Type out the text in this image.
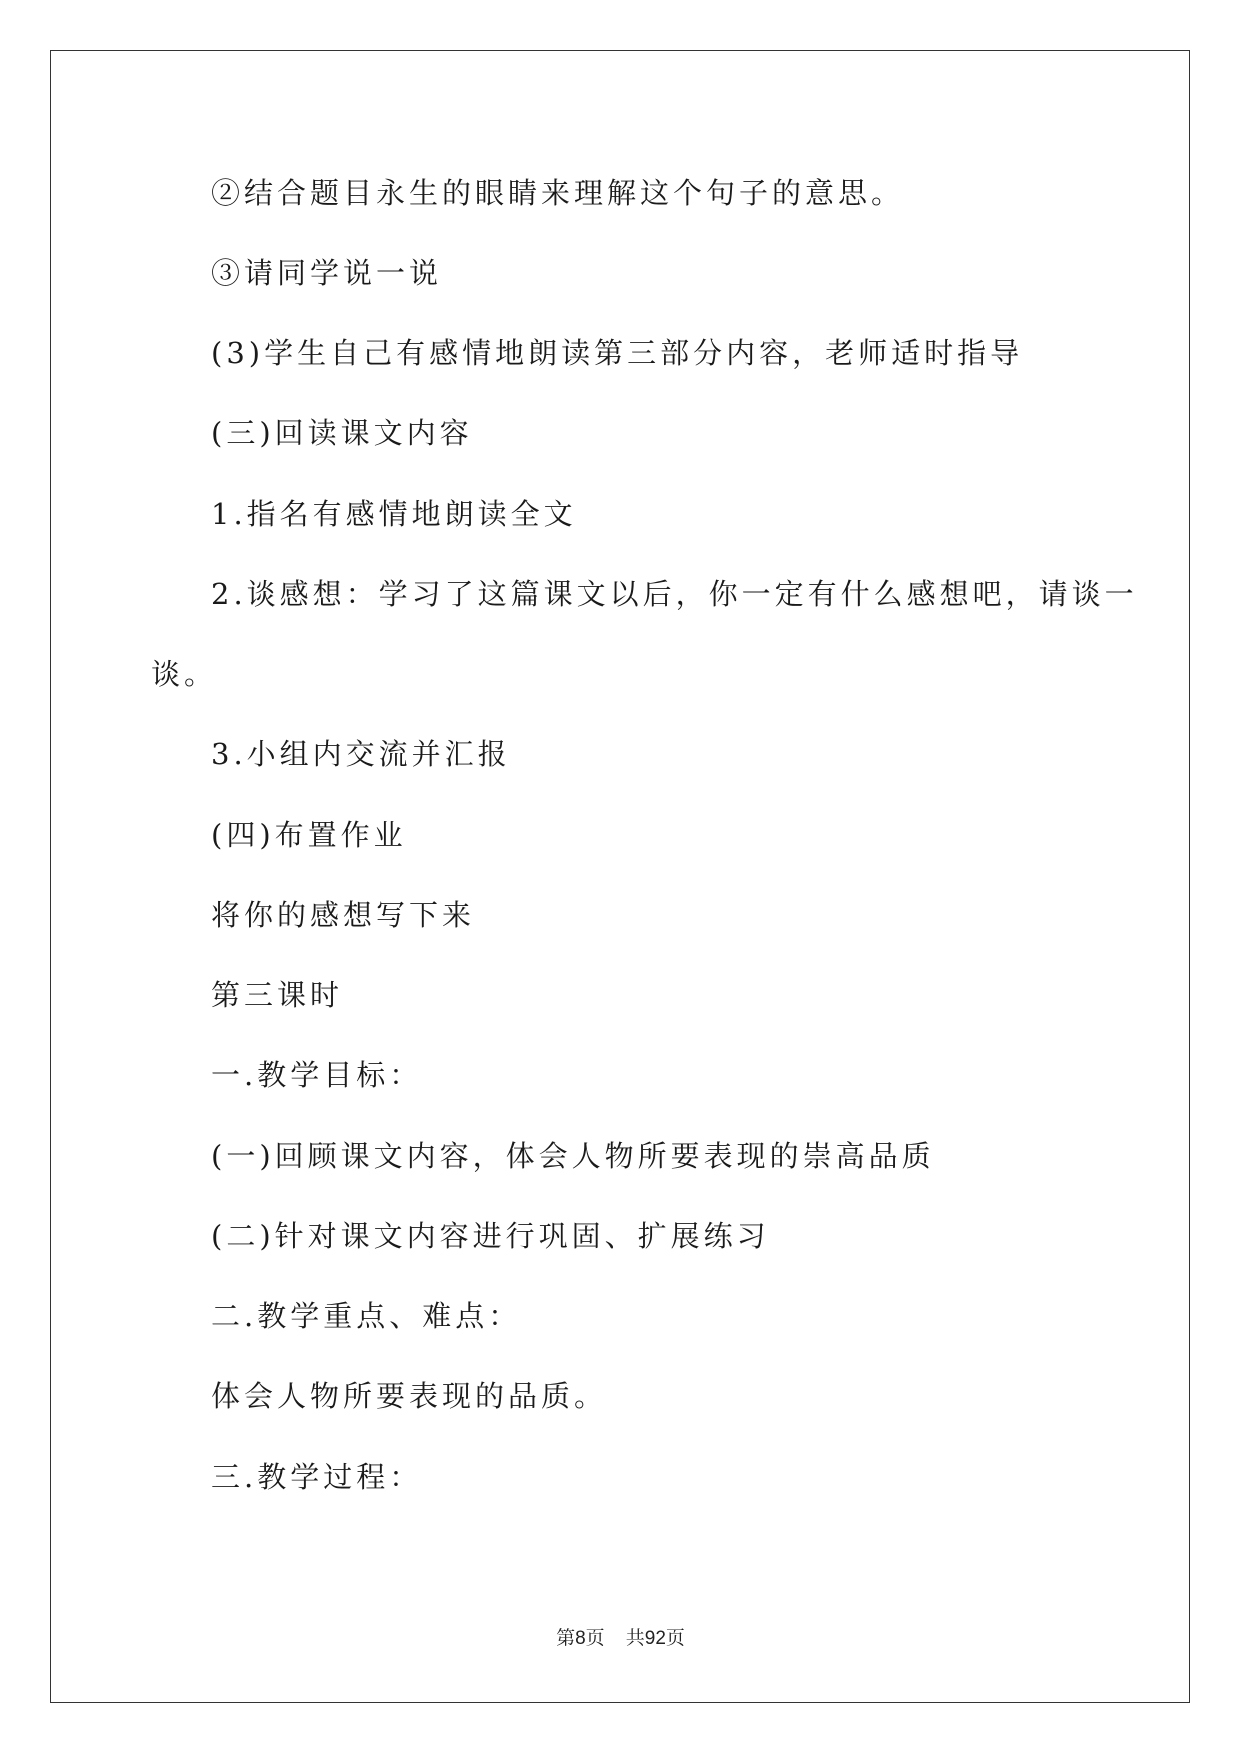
②结合题目永生的眼睛来理解这个句子的意思。
③请同学说一说
(3)学生自己有感情地朗读第三部分内容，老师适时指导
(三)回读课文内容
1.指名有感情地朗读全文
2.谈感想：学习了这篇课文以后，你一定有什么感想吧，请谈一
谈。
3.小组内交流并汇报
(四)布置作业
将你的感想写下来
第三课时
一.教学目标：
(一)回顾课文内容，体会人物所要表现的崇高品质
(二)针对课文内容进行巩固、扩展练习
二.教学重点、难点：
体会人物所要表现的品质。
三.教学过程：
第8页    共92页
